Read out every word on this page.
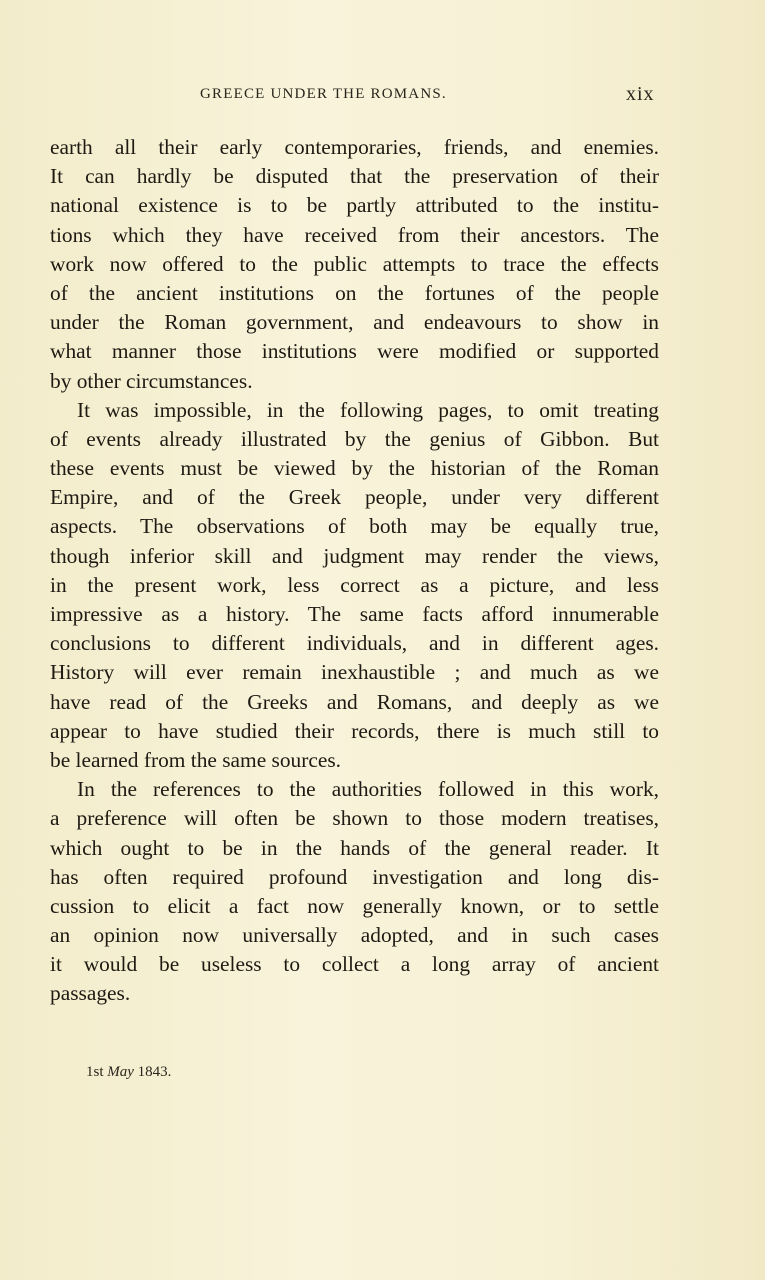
GREECE UNDER THE ROMANS.	xix
earth all their early contemporaries, friends, and enemies.
It can hardly be disputed that the preservation of their
national existence is to be partly attributed to the institu-
tions which they have received from their ancestors. The
work now offered to the public attempts to trace the effects
of the ancient institutions on the fortunes of the people
under the Roman government, and endeavours to show in
what manner those institutions were modified or supported
by other circumstances.
It was impossible, in the following pages, to omit treating
of events already illustrated by the genius of Gibbon. But
these events must be viewed by the historian of the Roman
Empire, and of the Greek people, under very different
aspects. The observations of both may be equally true,
though inferior skill and judgment may render the views,
in the present work, less correct as a picture, and less
impressive as a history. The same facts afford innumerable
conclusions to different individuals, and in different ages.
History will ever remain inexhaustible ; and much as we
have read of the Greeks and Romans, and deeply as we
appear to have studied their records, there is much still to
be learned from the same sources.
In the references to the authorities followed in this work,
a preference will often be shown to those modern treatises,
which ought to be in the hands of the general reader. It
has often required profound investigation and long dis-
cussion to elicit a fact now generally known, or to settle
an opinion now universally adopted, and in such cases
it would be useless to collect a long array of ancient
passages.
1st May 1843.
